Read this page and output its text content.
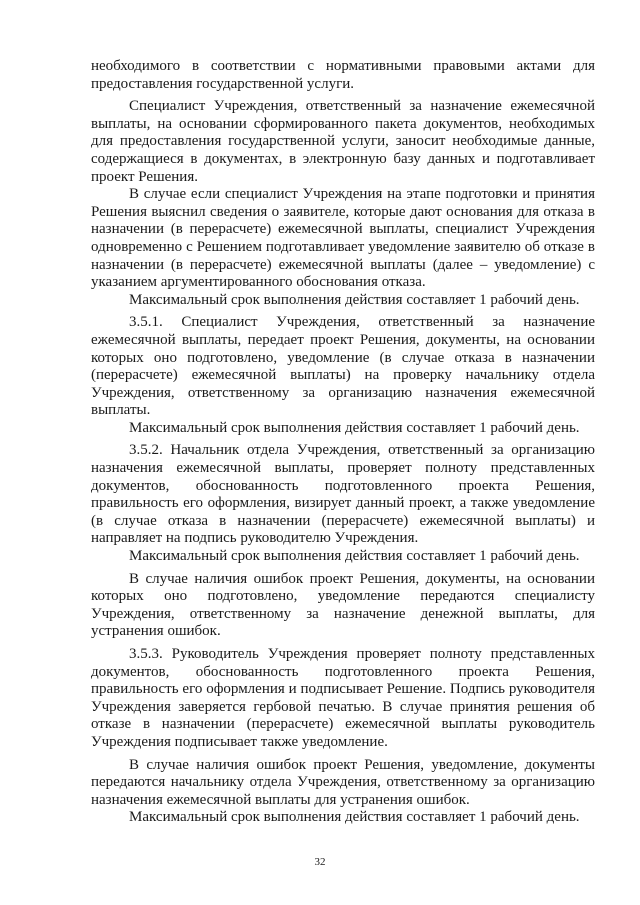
необходимого в соответствии с нормативными правовыми актами для предоставления государственной услуги.

Специалист Учреждения, ответственный за назначение ежемесячной выплаты, на основании сформированного пакета документов, необходимых для предоставления государственной услуги, заносит необходимые данные, содержащиеся в документах, в электронную базу данных и подготавливает проект Решения.

В случае если специалист Учреждения на этапе подготовки и принятия Решения выяснил сведения о заявителе, которые дают основания для отказа в назначении (в перерасчете) ежемесячной выплаты, специалист Учреждения одновременно с Решением подготавливает уведомление заявителю об отказе в назначении (в перерасчете) ежемесячной выплаты (далее – уведомление) с указанием аргументированного обоснования отказа.

Максимальный срок выполнения действия составляет 1 рабочий день.

3.5.1. Специалист Учреждения, ответственный за назначение ежемесячной выплаты, передает проект Решения, документы, на основании которых оно подготовлено, уведомление (в случае отказа в назначении (перерасчете) ежемесячной выплаты) на проверку начальнику отдела Учреждения, ответственному за организацию назначения ежемесячной выплаты.

Максимальный срок выполнения действия составляет 1 рабочий день.

3.5.2. Начальник отдела Учреждения, ответственный за организацию назначения ежемесячной выплаты, проверяет полноту представленных документов, обоснованность подготовленного проекта Решения, правильность его оформления, визирует данный проект, а также уведомление (в случае отказа в назначении (перерасчете) ежемесячной выплаты) и направляет на подпись руководителю Учреждения.

Максимальный срок выполнения действия составляет 1 рабочий день.

В случае наличия ошибок проект Решения, документы, на основании которых оно подготовлено, уведомление передаются специалисту Учреждения, ответственному за назначение денежной выплаты, для устранения ошибок.

3.5.3. Руководитель Учреждения проверяет полноту представленных документов, обоснованность подготовленного проекта Решения, правильность его оформления и подписывает Решение. Подпись руководителя Учреждения заверяется гербовой печатью. В случае принятия решения об отказе в назначении (перерасчете) ежемесячной выплаты руководитель Учреждения подписывает также уведомление.

В случае наличия ошибок проект Решения, уведомление, документы передаются начальнику отдела Учреждения, ответственному за организацию назначения ежемесячной выплаты для устранения ошибок.

Максимальный срок выполнения действия составляет 1 рабочий день.

32
